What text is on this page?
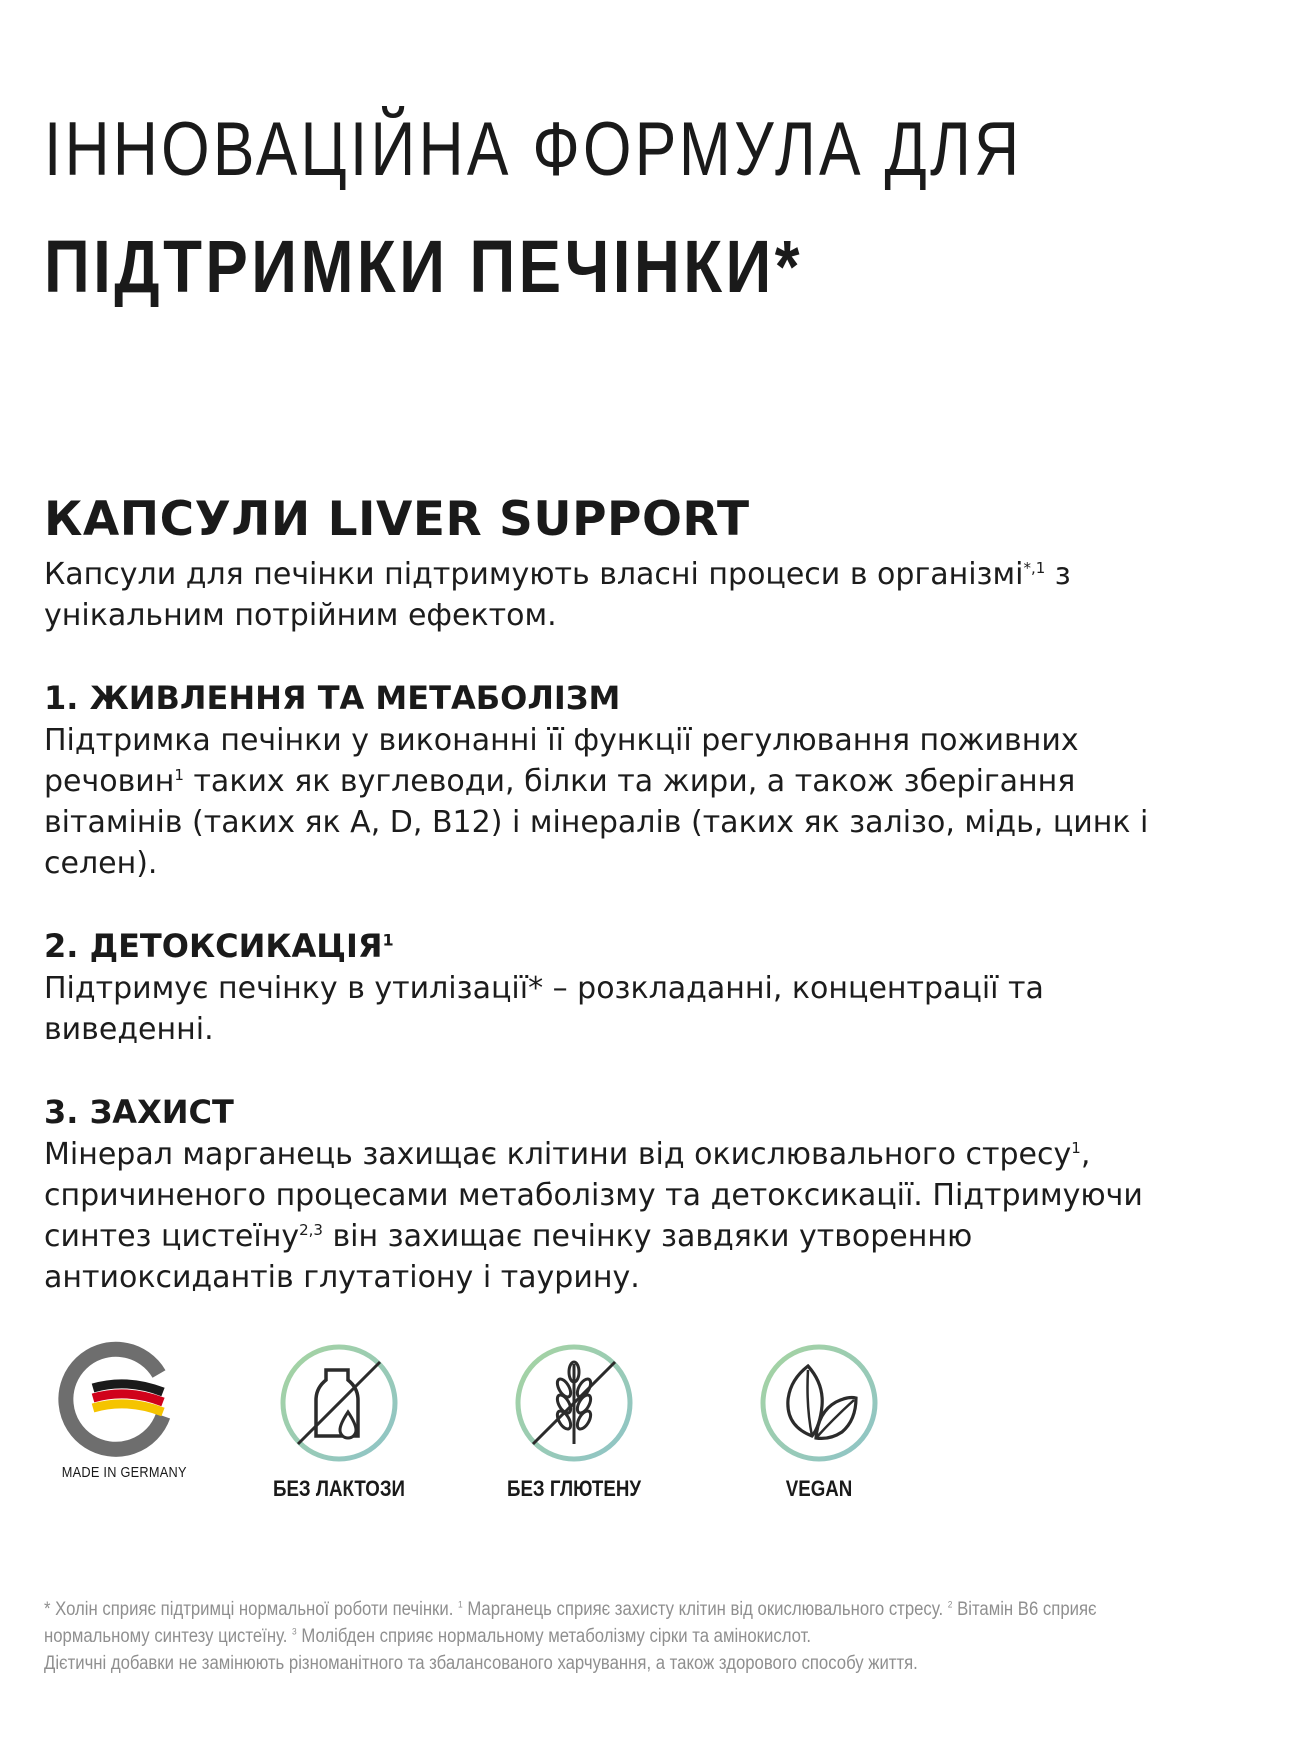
ІННОВАЦІЙНА ФОРМУЛА ДЛЯ
ПІДТРИМКИ ПЕЧІНКИ*
КАПСУЛИ LIVER SUPPORT

Капсули для печінки підтримують власні процеси в організмі$^{*,1}$ з
унікальним потрійним ефектом.

1. ЖИВЛЕННЯ ТА МЕТАБОЛІЗМ

Підтримка печінки у виконанні її функції регулювання поживних
речовин$^1$ таких як вуглеводи, білки та жири, а також зберігання
вітамінів (таких як A, D, B12) і мінералів (таких як залізо, мідь, цинк і
селен).

2. ДЕТОКСИКАЦІЯ$^1$

Підтримує печінку в утилізації* – розкладанні, концентрації та
виведенні.

3. ЗАХИСТ

Мінерал марганець захищає клітини від окислювального стресу$^1$,
спричиненого процесами метаболізму та детоксикації. Підтримуючи
синтез цистеїну$^{2,3}$ він захищає печінку завдяки утворенню
антиоксидантів глутатіону і таурину.

MADE IN GERMANY
БЕЗ ЛАКТОЗИ	БЕЗ ГЛЮТЕНУ	VEGAN

* Холін сприяє підтримці нормальної роботи печінки. $^1$ Марганець сприяє захисту клітин від окислювального стресу. $^2$ Вітамін B6 сприяє
нормальному синтезу цистеїну. $^3$ Молібден сприяє нормальному метаболізму сірки та амінокислот.
Дієтичні добавки не замінюють різноманітного та збалансованого харчування, а також здорового способу життя.
